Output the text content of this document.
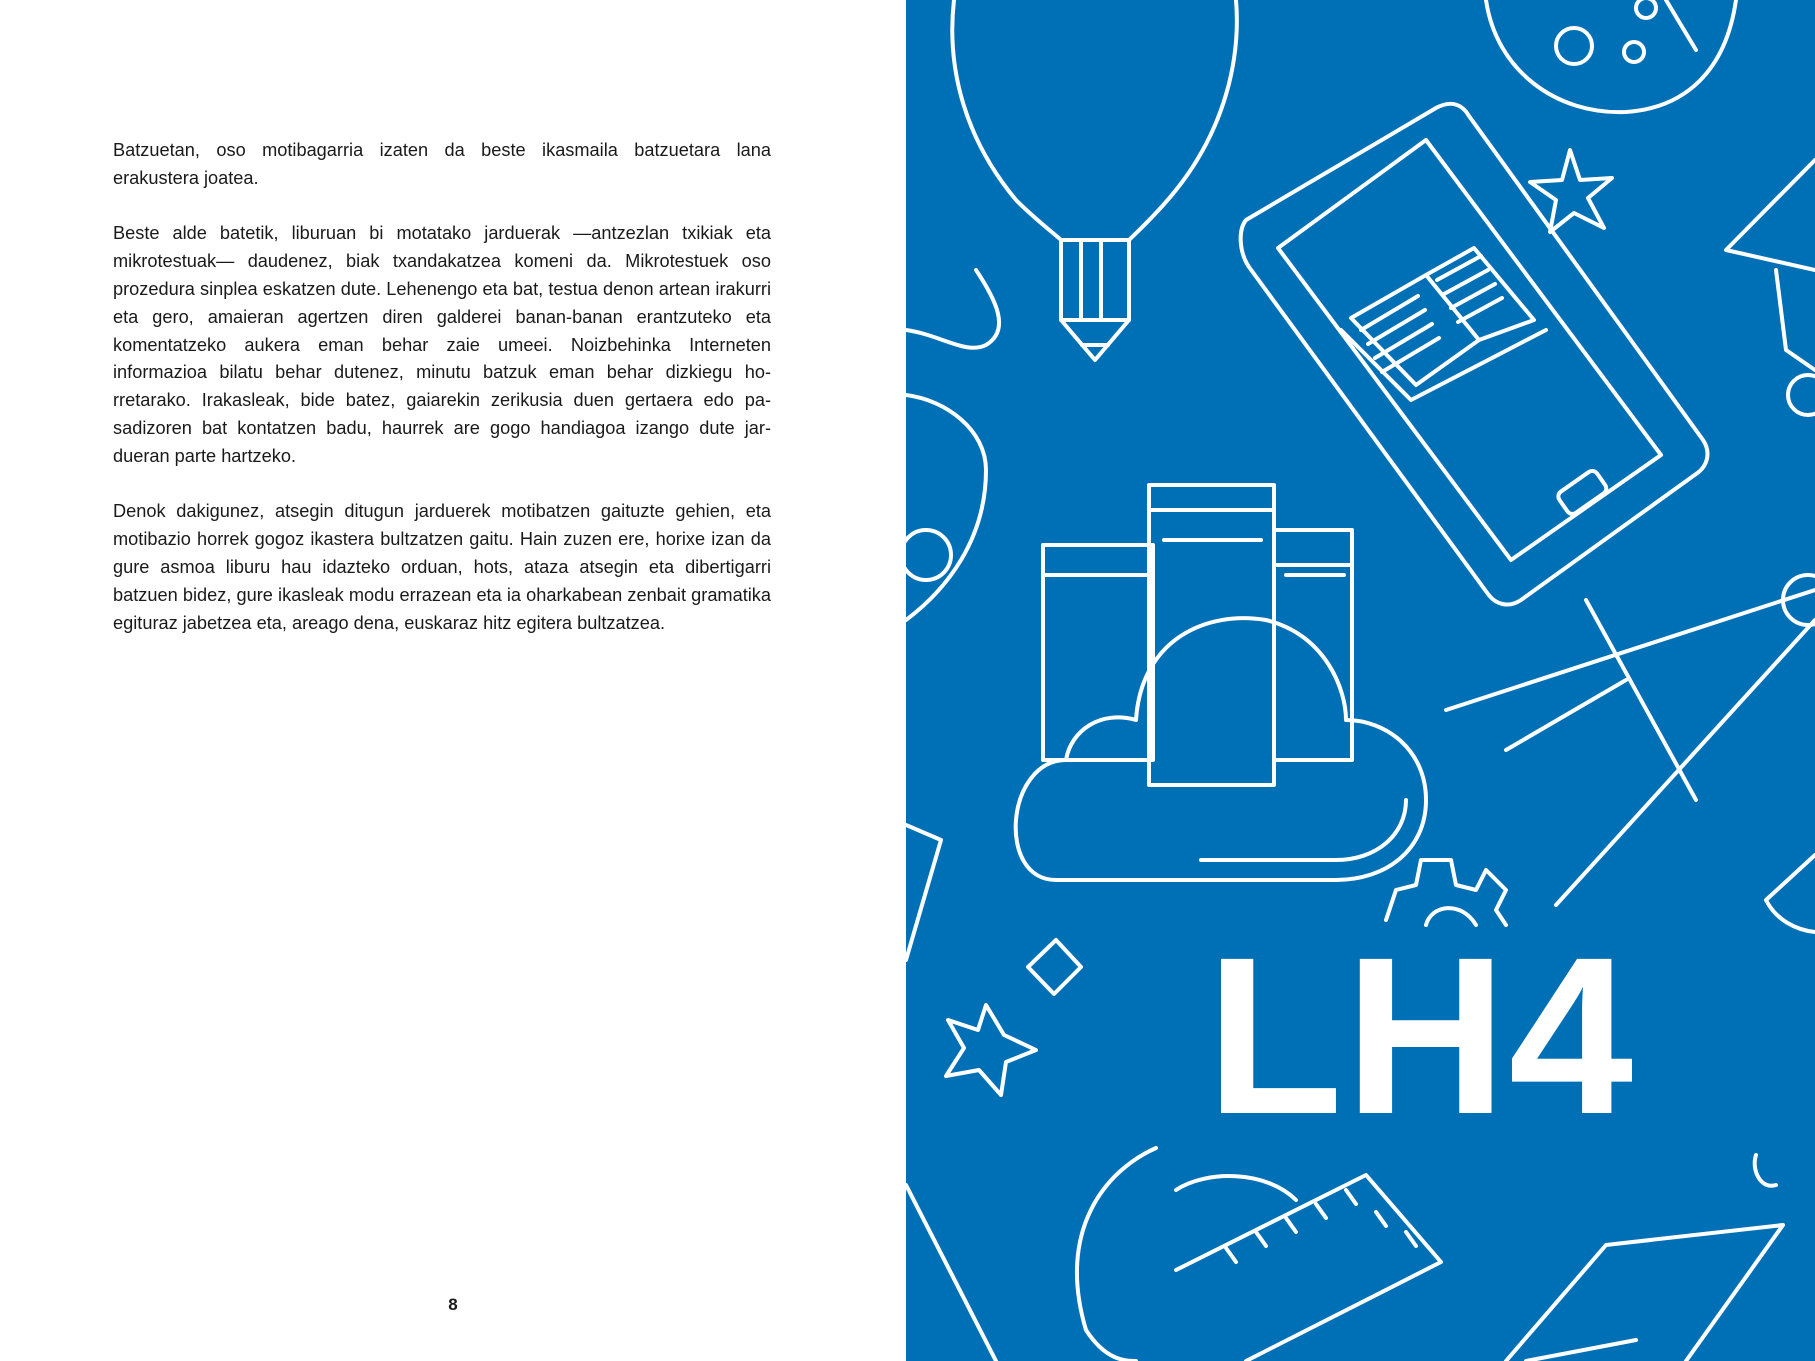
Batzuetan, oso motibagarria izaten da beste ikasmaila batzuetara lana erakustera joatea.

Beste alde batetik, liburuan bi motatako jarduerak —antzezlan txikiak eta mikrotestuak— daudenez, biak txandakatzea komeni da. Mikrotestuek oso prozedura sinplea eskatzen dute. Lehenengo eta bat, testua denon artean irakurri eta gero, amaieran agertzen diren galderei banan-banan erantzuteko eta komentatzeko aukera eman behar zaie umeei. Noizbehinka Interneten informazioa bilatu behar dutenez, minutu batzuk eman behar dizkiegu horretarako. Irakasleak, bide batez, gaiarekin zerikusia duen gertaera edo pasadizoren bat kontatzen badu, haurrek are gogo handiagoa izango dute jardueran parte hartzeko.

Denok dakigunez, atsegin ditugun jarduerek motibatzen gaituzte gehien, eta motibazio horrek gogoz ikastera bultzatzen gaitu. Hain zuzen ere, horixe izan da gure asmoa liburu hau idazteko orduan, hots, ataza atsegin eta dibertigarri batzuen bidez, gure ikasleak modu errazean eta ia oharkabean zenbait gramatika egituraz jabetzea eta, areago dena, euskaraz hitz egitera bultzatzea.

8
LH4
